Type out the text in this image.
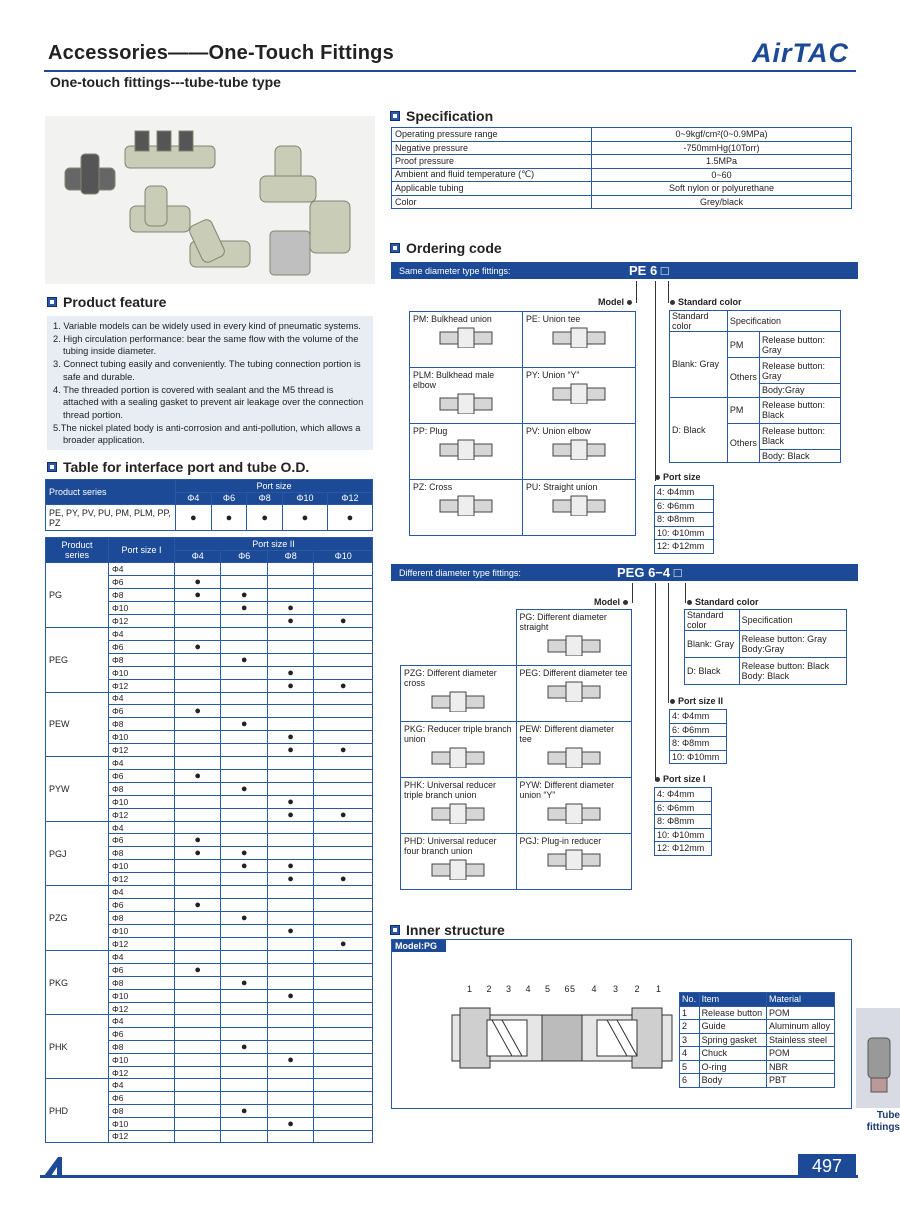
Accessories——One-Touch Fittings
One-touch fittings---tube-tube type
AirTAC
Specification
Operating pressure range	0~9kgf/cm²(0~0.9MPa)
Negative pressure	-750mmHg(10Torr)
Proof pressure	1.5MPa
Ambient and fluid temperature (℃)	0~60
Applicable tubing	Soft nylon or polyurethane
Color	Grey/black
Product feature
1. Variable models can be widely used in every kind of pneumatic systems.
2. High circulation performance: bear the same flow with the volume of the tubing inside diameter.
3. Connect tubing easily and conveniently. The tubing connection portion is safe and durable.
4. The threaded portion is covered with sealant and the M5 thread is attached with a sealing gasket to prevent air leakage over the connection thread portion.
5.The nickel plated body is anti-corrosion and anti-pollution, which allows a broader application.
Table for interface port and tube O.D.
Product series	Port size				
	Φ4	Φ6	Φ8	Φ10	Φ12
PE, PY, PV, PU, PM, PLM, PP, PZ	●	●	●	●	●
Product series	Port size I	Port size II			
		Φ4	Φ6	Φ8	Φ10
PG	Φ4				
	Φ6	●			
	Φ8	●	●		
	Φ10		●	●	
	Φ12			●	●
PEG	Φ4				
	Φ6	●			
	Φ8		●		
	Φ10			●	
	Φ12			●	●
PEW	Φ4				
	Φ6	●			
	Φ8		●		
	Φ10			●	
	Φ12			●	●
PYW	Φ4				
	Φ6	●			
	Φ8		●		
	Φ10			●	
	Φ12			●	●
PGJ	Φ4				
	Φ6	●			
	Φ8	●	●		
	Φ10		●	●	
	Φ12			●	●
PZG	Φ4				
	Φ6	●			
	Φ8		●		
	Φ10			●	
	Φ12				●
PKG	Φ4				
	Φ6	●			
	Φ8		●		
	Φ10			●	
	Φ12				
PHK	Φ4				
	Φ6				
	Φ8		●		
	Φ10			●	
	Φ12				
PHD	Φ4				
	Φ6				
	Φ8		●		
	Φ10			●	
	Φ12				
Ordering code
Same diameter type fittings:	PE 6 □
Model
PM: Bulkhead union	PE: Union tee

PLM: Bulkhead male elbow	PY: Union “Y”

PP: Plug	PV: Union elbow

PZ: Cross	PU: Straight union
Standard color
Standard color	Specification	
Blank: Gray	PM	Release button: Gray
	Others	Release button: Gray
		Body:Gray
D: Black	PM	Release button: Black
	Others	Release button: Black
		Body: Black
Port size
4: Φ4mm
6: Φ6mm
8: Φ8mm
10: Φ10mm
12: Φ12mm
Different diameter type fittings:	PEG 6−4 □
Model

	PG: Different diameter straight

PZG: Different diameter cross	PEG: Different diameter tee

PKG: Reducer triple branch union	PEW: Different diameter tee

PHK: Universal reducer triple branch union	PYW: Different diameter union “Y”

PHD: Universal reducer four branch union	PGJ: Plug-in reducer
Standard color
Standard color	Specification
Blank: Gray	Release button: Gray Body:Gray
D: Black	Release button: Black Body: Black
Port size II
4: Φ4mm
6: Φ6mm
8: Φ8mm
10: Φ10mm
Port size I
4: Φ4mm
6: Φ6mm
8: Φ8mm
10: Φ10mm
12: Φ12mm
Inner structure
Model:PG
1 2 3 4 5 6
5 4 3 2 1
No.	Item	Material
1	Release button	POM
2	Guide	Aluminum alloy
3	Spring gasket	Stainless steel
4	Chuck	POM
5	O-ring	NBR
6	Body	PBT
Tube fittings
497
